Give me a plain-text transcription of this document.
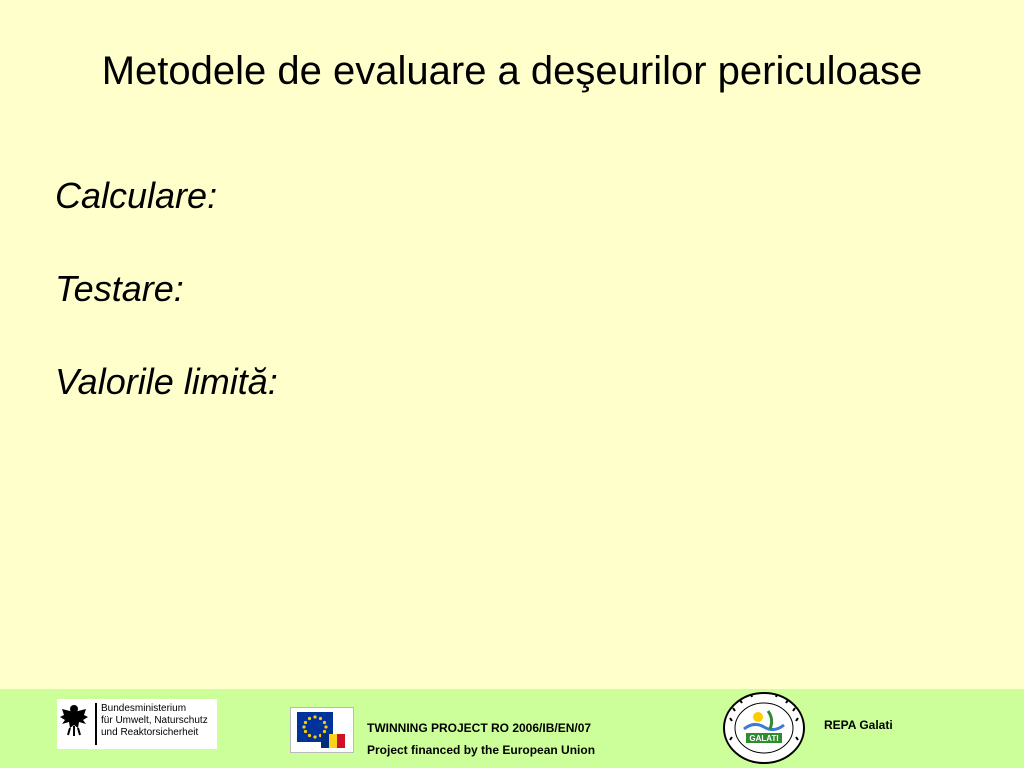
Metodele de evaluare a deşeurilor periculoase
Calculare:
Testare:
Valorile limită:
Bundesministerium
für Umwelt, Naturschutz
und Reaktorsicherheit	TWINNING PROJECT RO 2006/IB/EN/07
Project financed by the European Union
GALATI
REPA Galati
